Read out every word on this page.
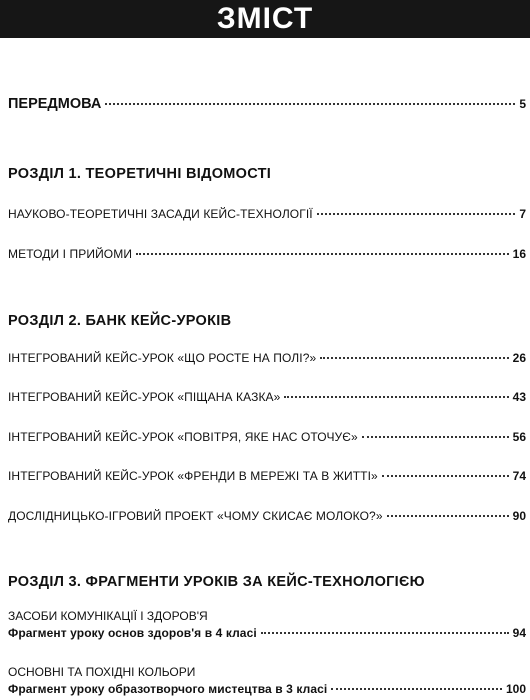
ЗМІСТ
ПЕРЕДМОВА	5
РОЗДІЛ 1. ТЕОРЕТИЧНІ ВІДОМОСТІ
НАУКОВО-ТЕОРЕТИЧНІ ЗАСАДИ КЕЙС-ТЕХНОЛОГІЇ	7
МЕТОДИ І ПРИЙОМИ	16
РОЗДІЛ 2. БАНК КЕЙС-УРОКІВ
ІНТЕГРОВАНИЙ КЕЙС-УРОК «ЩО РОСТЕ НА ПОЛІ?»	26
ІНТЕГРОВАНИЙ КЕЙС-УРОК «ПІЩАНА КАЗКА»	43
ІНТЕГРОВАНИЙ КЕЙС-УРОК «ПОВІТРЯ, ЯКЕ НАС ОТОЧУЄ»	56
ІНТЕГРОВАНИЙ КЕЙС-УРОК «ФРЕНДИ В МЕРЕЖІ ТА В ЖИТТІ»	74
ДОСЛІДНИЦЬКО-ІГРОВИЙ ПРОЕКТ «ЧОМУ СКИСАЄ МОЛОКО?»	90
РОЗДІЛ 3. ФРАГМЕНТИ УРОКІВ ЗА КЕЙС-ТЕХНОЛОГІЄЮ
ЗАСОБИ КОМУНІКАЦІЇ І ЗДОРОВ'Я
Фрагмент уроку основ здоров'я в 4 класі	94
ОСНОВНІ ТА ПОХІДНІ КОЛЬОРИ
Фрагмент уроку образотворчого мистецтва в 3 класі	100
